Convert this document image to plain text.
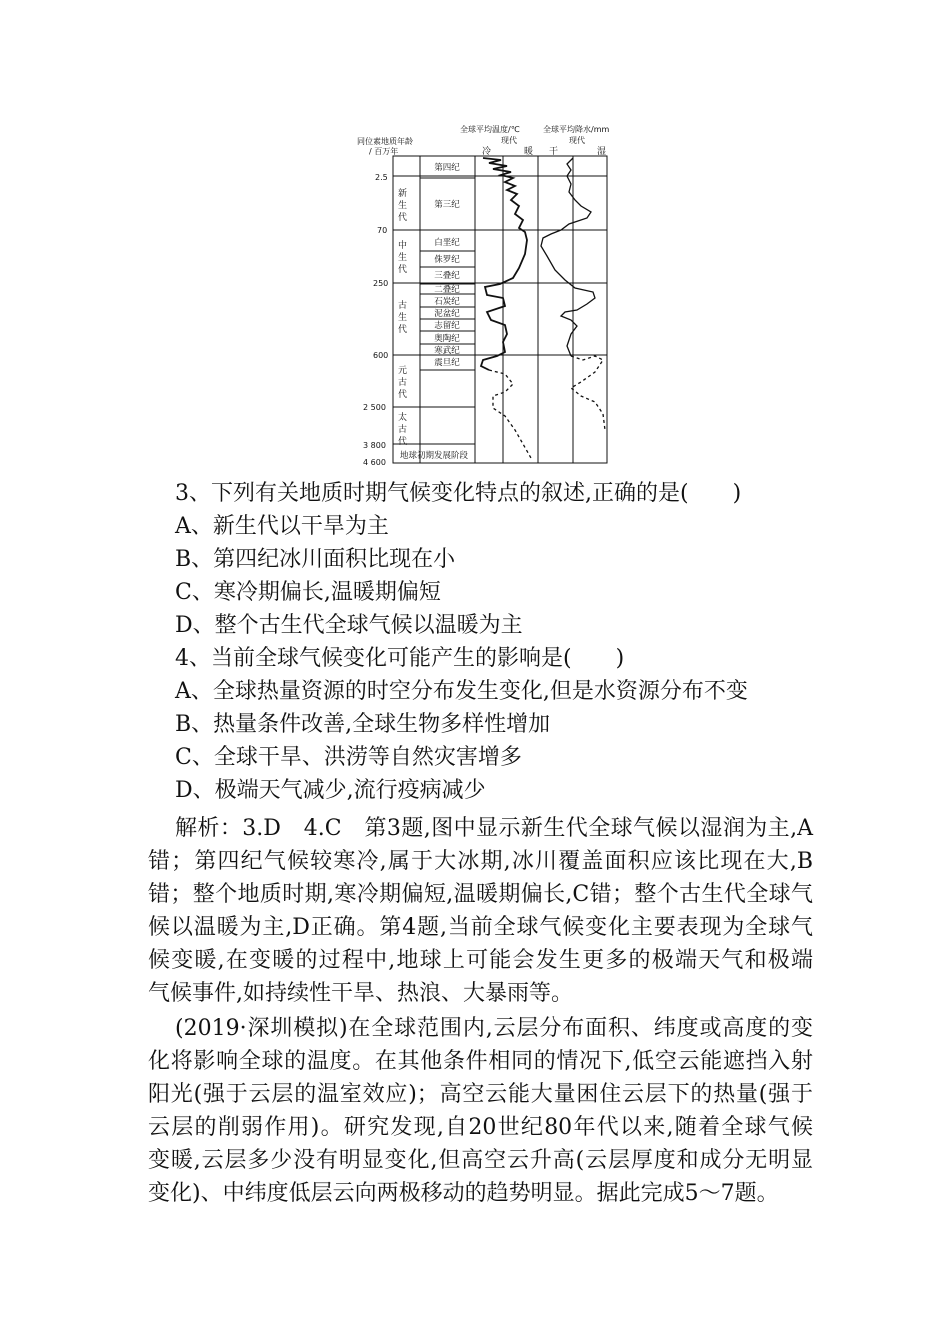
同位素地质年龄
/ 百万年
全球平均温度/℃	全球平均降水/mm
现代	现代
冷	暖 干	湿
2.5
70
250
600
2 500
3 800
4 600
新生代
中生代
古生代
元古代
太古代
第四纪
第三纪
白垩纪
侏罗纪
三叠纪
二叠纪
石炭纪
泥盆纪
志留纪
奥陶纪
寒武纪
震旦纪
地球初期发展阶段
3、下列有关地质时期气候变化特点的叙述,正确的是(　　)
A、新生代以干旱为主
B、第四纪冰川面积比现在小
C、寒冷期偏长,温暖期偏短
D、整个古生代全球气候以温暖为主
4、当前全球气候变化可能产生的影响是(　　)
A、全球热量资源的时空分布发生变化,但是水资源分布不变
B、热量条件改善,全球生物多样性增加
C、全球干旱、洪涝等自然灾害增多
D、极端天气减少,流行疫病减少
解析：3.D　4.C　第3题,图中显示新生代全球气候以湿润为主,A
错；第四纪气候较寒冷,属于大冰期,冰川覆盖面积应该比现在大,B
错；整个地质时期,寒冷期偏短,温暖期偏长,C错；整个古生代全球气
候以温暖为主,D正确。第4题,当前全球气候变化主要表现为全球气
候变暖,在变暖的过程中,地球上可能会发生更多的极端天气和极端
气候事件,如持续性干旱、热浪、大暴雨等。
(2019·深圳模拟)在全球范围内,云层分布面积、纬度或高度的变
化将影响全球的温度。在其他条件相同的情况下,低空云能遮挡入射
阳光(强于云层的温室效应)；高空云能大量困住云层下的热量(强于
云层的削弱作用)。研究发现,自20世纪80年代以来,随着全球气候
变暖,云层多少没有明显变化,但高空云升高(云层厚度和成分无明显
变化)、中纬度低层云向两极移动的趋势明显。据此完成5～7题。
